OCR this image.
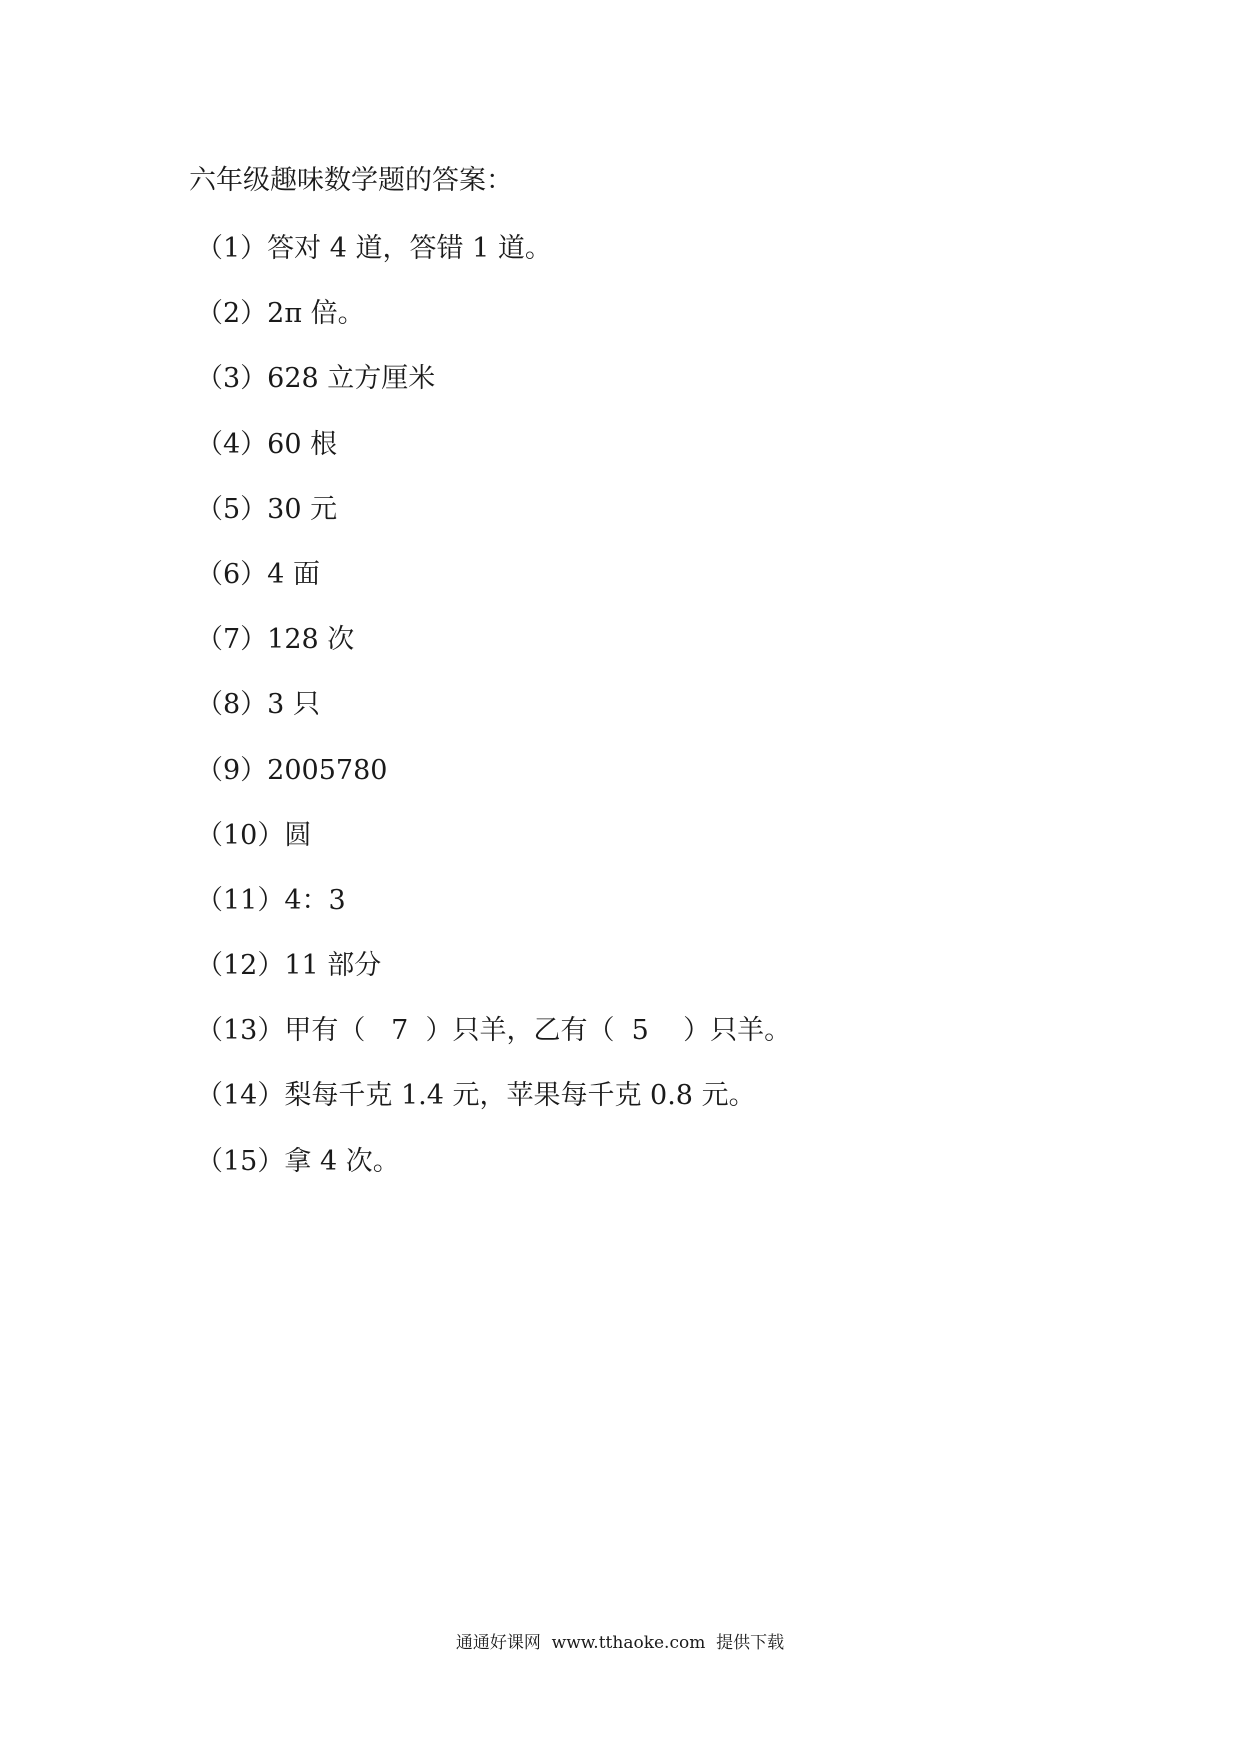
六年级趣味数学题的答案：
（1）答对 4 道，答错 1 道。
（2）2π 倍。
（3）628 立方厘米
（4）60 根
（5）30 元
（6）4 面
（7）128 次
（8）3 只
（9）2005780
（10）圆
（11）4：3
（12）11 部分
（13）甲有（   7  ）只羊，乙有（  5    ）只羊。
（14）梨每千克 1.4 元，苹果每千克 0.8 元。
（15）拿 4 次。
通通好课网  www.tthaoke.com  提供下载
